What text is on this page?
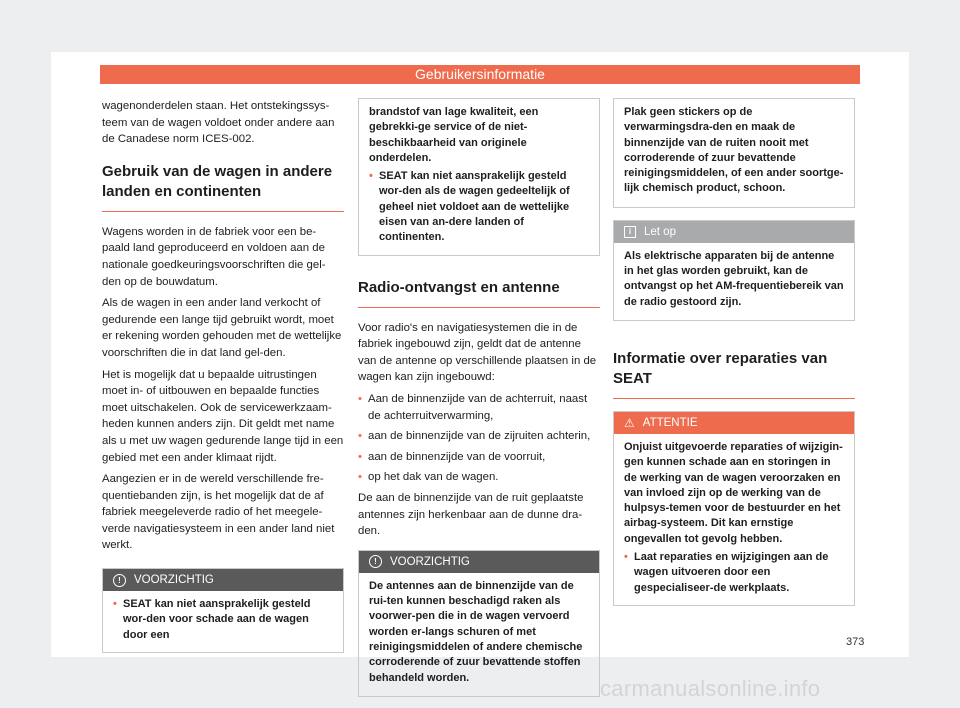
Gebruikersinformatie

wagenonderdelen staan. Het ontstekingssys-teem van de wagen voldoet onder andere aan de Canadese norm ICES-002.

Gebruik van de wagen in andere landen en continenten

Wagens worden in de fabriek voor een be-paald land geproduceerd en voldoen aan de nationale goedkeuringsvoorschriften die gel-den op de bouwdatum.

Als de wagen in een ander land verkocht of gedurende een lange tijd gebruikt wordt, moet er rekening worden gehouden met de wettelijke voorschriften die in dat land gel-den.

Het is mogelijk dat u bepaalde uitrustingen moet in- of uitbouwen en bepaalde functies moet uitschakelen. Ook de servicewerkzaam-heden kunnen anders zijn. Dit geldt met name als u met uw wagen gedurende lange tijd in een gebied met een ander klimaat rijdt.

Aangezien er in de wereld verschillende fre-quentiebanden zijn, is het mogelijk dat de af fabriek meegeleverde radio of het meegele-verde navigatiesysteem in een ander land niet werkt.

!	VOORZICHTIG

• SEAT kan niet aansprakelijk gesteld wor-den voor schade aan de wagen door een

brandstof van lage kwaliteit, een gebrekki-ge service of de niet-beschikbaarheid van originele onderdelen.

• SEAT kan niet aansprakelijk gesteld wor-den als de wagen gedeeltelijk of geheel niet voldoet aan de wettelijke eisen van an-dere landen of continenten.

Radio-ontvangst en antenne

Voor radio's en navigatiesystemen die in de fabriek ingebouwd zijn, geldt dat de antenne van de antenne op verschillende plaatsen in de wagen kan zijn ingebouwd:

• Aan de binnenzijde van de achterruit, naast de achterruitverwarming,

• aan de binnenzijde van de zijruiten achterin,

• aan de binnenzijde van de voorruit,

• op het dak van de wagen.

De aan de binnenzijde van de ruit geplaatste antennes zijn herkenbaar aan de dunne dra-den.

!	VOORZICHTIG

De antennes aan de binnenzijde van de rui-ten kunnen beschadigd raken als voorwer-pen die in de wagen vervoerd worden er-langs schuren of met reinigingsmiddelen of andere chemische corroderende of zuur bevattende stoffen behandeld worden.

Plak geen stickers op de verwarmingsdra-den en maak de binnenzijde van de ruiten nooit met corroderende of zuur bevattende reinigingsmiddelen, of een ander soortge-lijk chemisch product, schoon.

i	Let op

Als elektrische apparaten bij de antenne in het glas worden gebruikt, kan de ontvangst op het AM-frequentiebereik van de radio gestoord zijn.

Informatie over reparaties van SEAT
⚠ ATTENTIE

Onjuist uitgevoerde reparaties of wijzigin-gen kunnen schade aan en storingen in de werking van de wagen veroorzaken en van invloed zijn op de werking van de hulpsys-temen voor de bestuurder en het airbag-systeem. Dit kan ernstige ongevallen tot gevolg hebben.

• Laat reparaties en wijzigingen aan de wagen uitvoeren door een gespecialiseer-de werkplaats.

373
carmanualsonline.info
